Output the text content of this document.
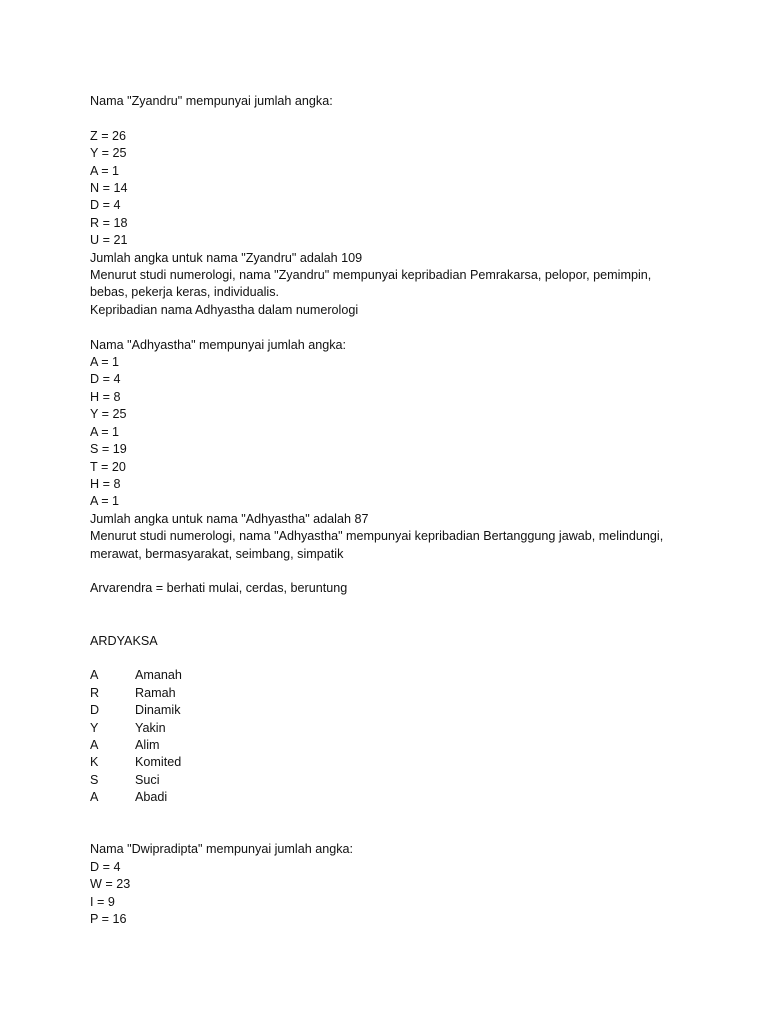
Nama "Zyandru" mempunyai jumlah angka:
Z = 26
Y = 25
A = 1
N = 14
D = 4
R = 18
U = 21
Jumlah angka untuk nama "Zyandru" adalah 109
Menurut studi numerologi, nama "Zyandru" mempunyai kepribadian Pemrakarsa, pelopor, pemimpin,
bebas, pekerja keras, individualis.
Kepribadian nama Adhyastha dalam numerologi
Nama "Adhyastha" mempunyai jumlah angka:
A = 1
D = 4
H = 8
Y = 25
A = 1
S = 19
T = 20
H = 8
A = 1
Jumlah angka untuk nama "Adhyastha" adalah 87
Menurut studi numerologi, nama "Adhyastha" mempunyai kepribadian Bertanggung jawab, melindungi,
merawat, bermasyarakat, seimbang, simpatik
Arvarendra = berhati mulai, cerdas, beruntung
ARDYAKSA
A	Amanah
R	Ramah
D	Dinamik
Y	Yakin
A	Alim
K	Komited
S	Suci
A	Abadi
Nama "Dwipradipta" mempunyai jumlah angka:
D = 4
W = 23
I = 9
P = 16
